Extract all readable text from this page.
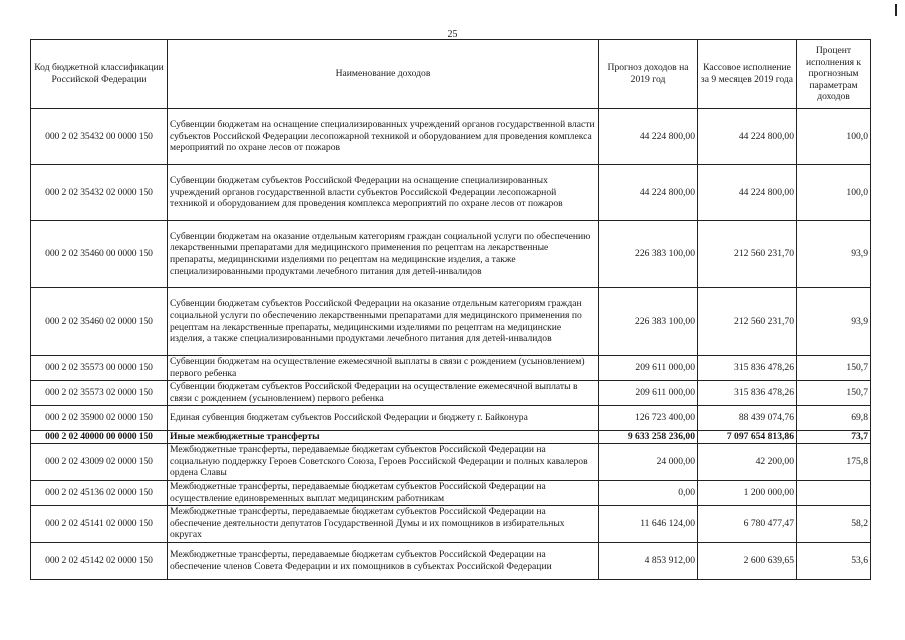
25
Код бюджетной классификации Российской Федерации	Наименование доходов	Прогноз доходов на 2019 год	Кассовое исполнение за 9 месяцев 2019 года	Процент исполнения к прогнозным параметрам доходов
000 2 02 35432 00 0000 150	Субвенции бюджетам на оснащение специализированных учреждений органов государственной власти субъектов Российской Федерации лесопожарной техникой и оборудованием для проведения комплекса мероприятий по охране лесов от пожаров	44 224 800,00	44 224 800,00	100,0
000 2 02 35432 02 0000 150	Субвенции бюджетам субъектов Российской Федерации на оснащение специализированных учреждений органов государственной власти субъектов Российской Федерации лесопожарной техникой и оборудованием для проведения комплекса мероприятий по охране лесов от пожаров	44 224 800,00	44 224 800,00	100,0
000 2 02 35460 00 0000 150	Субвенции бюджетам на оказание отдельным категориям граждан социальной услуги по обеспечению лекарственными препаратами для медицинского применения по рецептам на лекарственные препараты, медицинскими изделиями по рецептам на медицинские изделия, а также специализированными продуктами лечебного питания для детей-инвалидов	226 383 100,00	212 560 231,70	93,9
000 2 02 35460 02 0000 150	Субвенции бюджетам субъектов Российской Федерации на оказание отдельным категориям граждан социальной услуги по обеспечению лекарственными препаратами для медицинского применения по рецептам на лекарственные препараты, медицинскими изделиями по рецептам на медицинские изделия, а также специализированными продуктами лечебного питания для детей-инвалидов	226 383 100,00	212 560 231,70	93,9
000 2 02 35573 00 0000 150	Субвенции бюджетам на осуществление ежемесячной выплаты в связи с рождением (усыновлением) первого ребенка	209 611 000,00	315 836 478,26	150,7
000 2 02 35573 02 0000 150	Субвенции бюджетам субъектов Российской Федерации на осуществление ежемесячной выплаты в связи с рождением (усыновлением) первого ребенка	209 611 000,00	315 836 478,26	150,7
000 2 02 35900 02 0000 150	Единая субвенция бюджетам субъектов Российской Федерации и бюджету г. Байконура	126 723 400,00	88 439 074,76	69,8
000 2 02 40000 00 0000 150	Иные межбюджетные трансферты	9 633 258 236,00	7 097 654 813,86	73,7
000 2 02 43009 02 0000 150	Межбюджетные трансферты, передаваемые бюджетам субъектов Российской Федерации на социальную поддержку Героев Советского Союза, Героев Российской Федерации и полных кавалеров ордена Славы	24 000,00	42 200,00	175,8
000 2 02 45136 02 0000 150	Межбюджетные трансферты, передаваемые бюджетам субъектов Российской Федерации на осуществление единовременных выплат медицинским работникам	0,00	1 200 000,00	
000 2 02 45141 02 0000 150	Межбюджетные трансферты, передаваемые бюджетам субъектов Российской Федерации на обеспечение деятельности депутатов Государственной Думы и их помощников в избирательных округах	11 646 124,00	6 780 477,47	58,2
000 2 02 45142 02 0000 150	Межбюджетные трансферты, передаваемые бюджетам субъектов Российской Федерации на обеспечение членов Совета Федерации и их помощников в субъектах Российской Федерации	4 853 912,00	2 600 639,65	53,6
